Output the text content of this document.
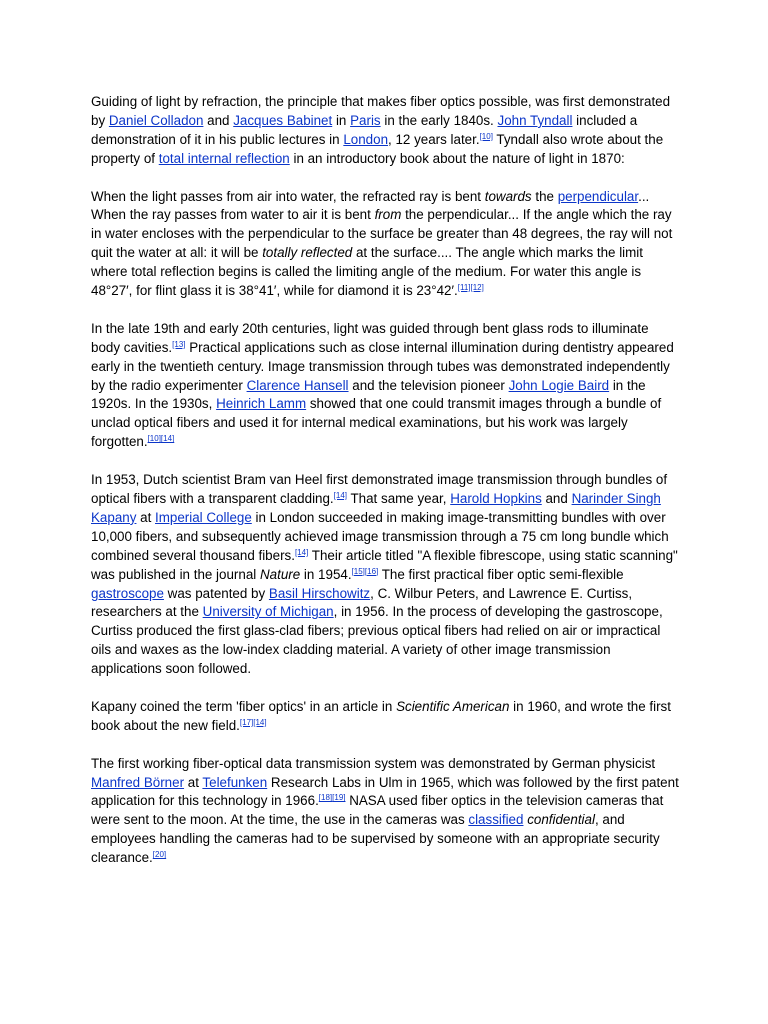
Guiding of light by refraction, the principle that makes fiber optics possible, was first demonstrated by Daniel Colladon and Jacques Babinet in Paris in the early 1840s. John Tyndall included a demonstration of it in his public lectures in London, 12 years later.[10] Tyndall also wrote about the property of total internal reflection in an introductory book about the nature of light in 1870:

When the light passes from air into water, the refracted ray is bent towards the perpendicular... When the ray passes from water to air it is bent from the perpendicular... If the angle which the ray in water encloses with the perpendicular to the surface be greater than 48 degrees, the ray will not quit the water at all: it will be totally reflected at the surface.... The angle which marks the limit where total reflection begins is called the limiting angle of the medium. For water this angle is 48°27′, for flint glass it is 38°41′, while for diamond it is 23°42′.[11][12]

In the late 19th and early 20th centuries, light was guided through bent glass rods to illuminate body cavities.[13] Practical applications such as close internal illumination during dentistry appeared early in the twentieth century. Image transmission through tubes was demonstrated independently by the radio experimenter Clarence Hansell and the television pioneer John Logie Baird in the 1920s. In the 1930s, Heinrich Lamm showed that one could transmit images through a bundle of unclad optical fibers and used it for internal medical examinations, but his work was largely forgotten.[10][14]

In 1953, Dutch scientist Bram van Heel first demonstrated image transmission through bundles of optical fibers with a transparent cladding.[14] That same year, Harold Hopkins and Narinder Singh Kapany at Imperial College in London succeeded in making image-transmitting bundles with over 10,000 fibers, and subsequently achieved image transmission through a 75 cm long bundle which combined several thousand fibers.[14] Their article titled "A flexible fibrescope, using static scanning" was published in the journal Nature in 1954.[15][16] The first practical fiber optic semi-flexible gastroscope was patented by Basil Hirschowitz, C. Wilbur Peters, and Lawrence E. Curtiss, researchers at the University of Michigan, in 1956. In the process of developing the gastroscope, Curtiss produced the first glass-clad fibers; previous optical fibers had relied on air or impractical oils and waxes as the low-index cladding material. A variety of other image transmission applications soon followed.

Kapany coined the term 'fiber optics' in an article in Scientific American in 1960, and wrote the first book about the new field.[17][14]

The first working fiber-optical data transmission system was demonstrated by German physicist Manfred Börner at Telefunken Research Labs in Ulm in 1965, which was followed by the first patent application for this technology in 1966.[18][19] NASA used fiber optics in the television cameras that were sent to the moon. At the time, the use in the cameras was classified confidential, and employees handling the cameras had to be supervised by someone with an appropriate security clearance.[20]
